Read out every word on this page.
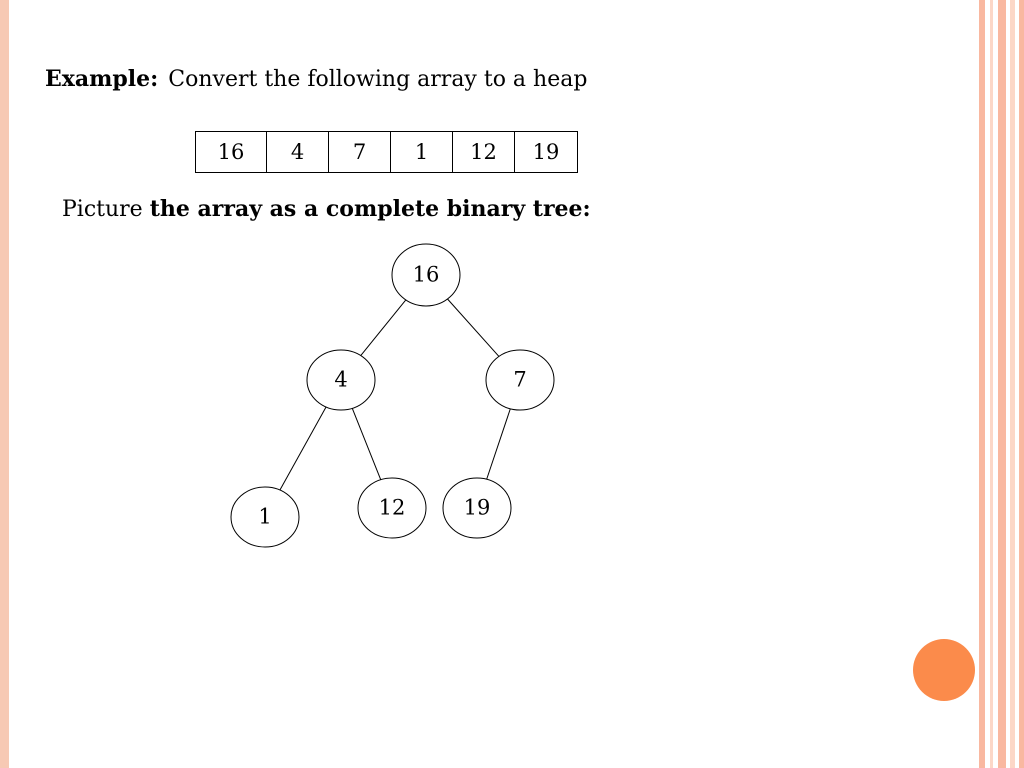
Example: Convert the following array to a heap
16	4	7	1	12	19
Picture the array as a complete binary tree:
16
4	7
1	12	19
